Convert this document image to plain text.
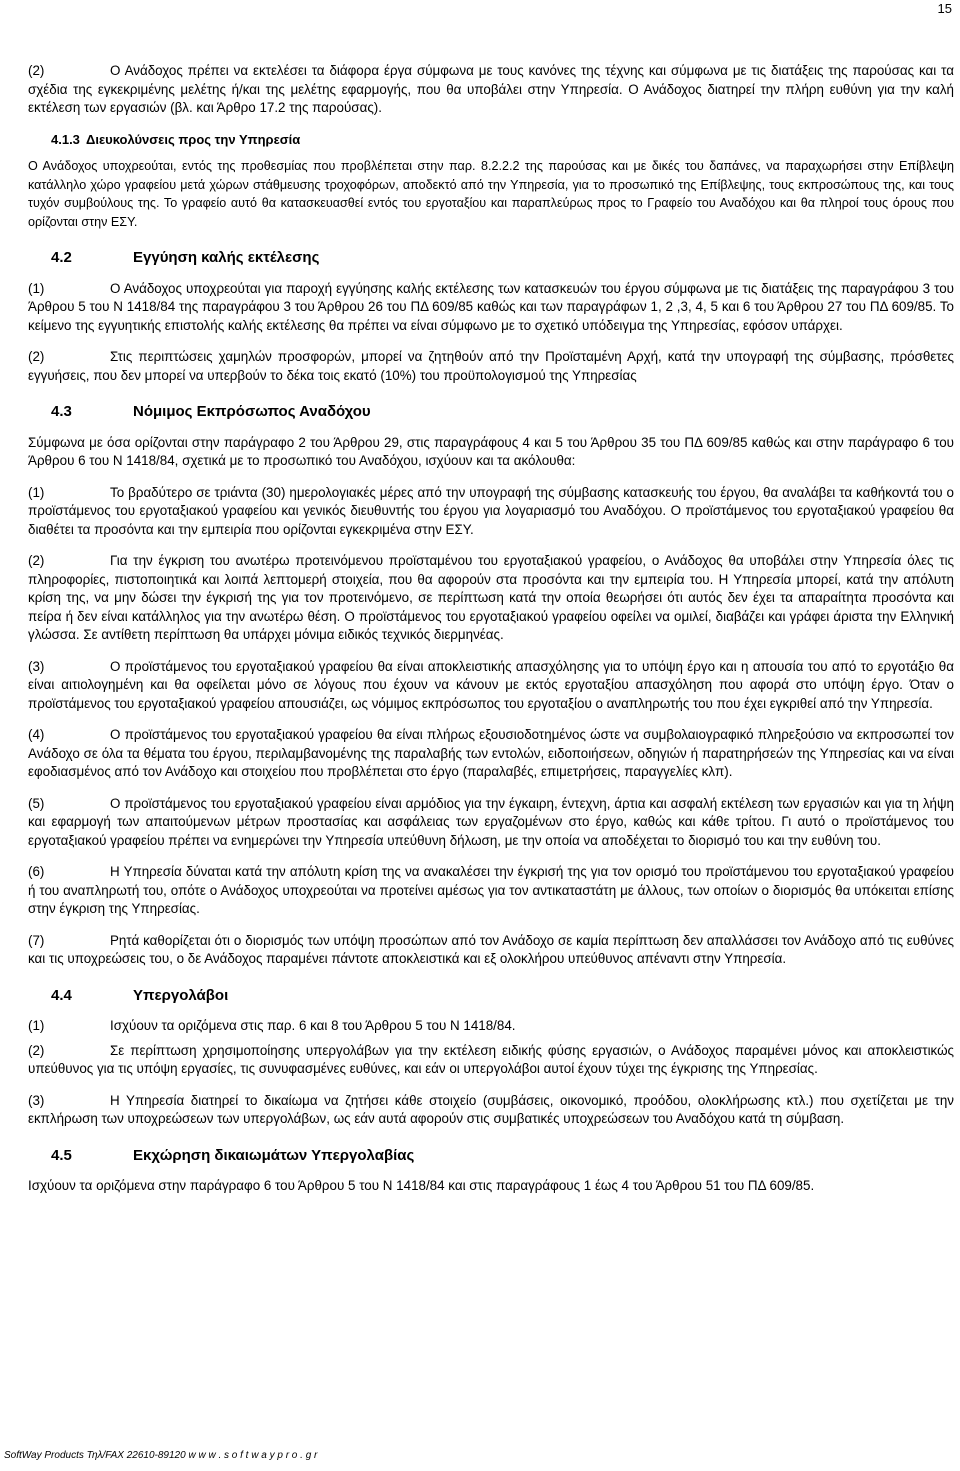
15

(2)	Ο Ανάδοχος πρέπει να εκτελέσει τα διάφορα έργα σύμφωνα με τους κανόνες της τέχνης και σύμφωνα με τις διατάξεις της παρούσας και τα σχέδια της εγκεκριμένης μελέτης ή/και της μελέτης εφαρμογής, που θα υποβάλει στην Υπηρεσία. Ο Ανάδοχος διατηρεί την πλήρη ευθύνη για την καλή εκτέλεση των εργασιών (βλ. και Άρθρο 17.2 της παρούσας).

4.1.3 Διευκολύνσεις προς την Υπηρεσία

Ο Ανάδοχος υποχρεούται, εντός της προθεσμίας που προβλέπεται στην παρ. 8.2.2.2 της παρούσας και με δικές του δαπάνες, να παραχωρήσει στην Επίβλεψη κατάλληλο χώρο γραφείου μετά χώρων στάθμευσης τροχοφόρων, αποδεκτό από την Υπηρεσία, για το προσωπικό της Επίβλεψης, τους εκπροσώπους της, και τους τυχόν συμβούλους της. Το γραφείο αυτό θα κατασκευασθεί εντός του εργοταξίου και παραπλεύρως προς το Γραφείο του Αναδόχου και θα πληροί τους όρους που ορίζονται στην ΕΣΥ.

4.2	Εγγύηση καλής εκτέλεσης

(1)	Ο Ανάδοχος υποχρεούται για παροχή εγγύησης καλής εκτέλεσης των κατασκευών του έργου σύμφωνα με τις διατάξεις της παραγράφου 3 του Άρθρου 5 του Ν 1418/84 της παραγράφου 3 του Άρθρου 26 του ΠΔ 609/85 καθώς και των παραγράφων 1, 2 ,3, 4, 5 και 6 του Άρθρου 27 του ΠΔ 609/85. Το κείμενο της εγγυητικής επιστολής καλής εκτέλεσης θα πρέπει να είναι σύμφωνο με το σχετικό υπόδειγμα της Υπηρεσίας, εφόσον υπάρχει.

(2)	Στις περιπτώσεις χαμηλών προσφορών, μπορεί να ζητηθούν από την Προϊσταμένη Αρχή, κατά την υπογραφή της σύμβασης, πρόσθετες εγγυήσεις, που δεν μπορεί να υπερβούν το δέκα τοις εκατό (10%) του προϋπολογισμού της Υπηρεσίας

4.3	Νόμιμος Εκπρόσωπος Αναδόχου

Σύμφωνα με όσα ορίζονται στην παράγραφο 2 του Άρθρου 29, στις παραγράφους 4 και 5 του Άρθρου 35 του ΠΔ 609/85 καθώς και στην παράγραφο 6 του Άρθρου 6 του Ν 1418/84, σχετικά με το προσωπικό του Αναδόχου, ισχύουν και τα ακόλουθα:

(1)	Το βραδύτερο σε τριάντα (30) ημερολογιακές μέρες από την υπογραφή της σύμβασης κατασκευής του έργου, θα αναλάβει τα καθήκοντά του ο προϊστάμενος του εργοταξιακού γραφείου και γενικός διευθυντής του έργου για λογαριασμό του Αναδόχου. Ο προϊστάμενος του εργοταξιακού γραφείου θα διαθέτει τα προσόντα και την εμπειρία που ορίζονται εγκεκριμένα στην ΕΣΥ.

(2)	Για την έγκριση του ανωτέρω προτεινόμενου προϊσταμένου του εργοταξιακού γραφείου, ο Ανάδοχος θα υποβάλει στην Υπηρεσία όλες τις πληροφορίες, πιστοποιητικά και λοιπά λεπτομερή στοιχεία, που θα αφορούν στα προσόντα και την εμπειρία του. Η Υπηρεσία μπορεί, κατά την απόλυτη κρίση της, να μην δώσει την έγκρισή της για τον προτεινόμενο, σε περίπτωση κατά την οποία θεωρήσει ότι αυτός δεν έχει τα απαραίτητα προσόντα και πείρα ή δεν είναι κατάλληλος για την ανωτέρω θέση. Ο προϊστάμενος του εργοταξιακού γραφείου οφείλει να ομιλεί, διαβάζει και γράφει άριστα την Ελληνική γλώσσα. Σε αντίθετη περίπτωση θα υπάρχει μόνιμα ειδικός τεχνικός διερμηνέας.

(3)	Ο προϊστάμενος του εργοταξιακού γραφείου θα είναι αποκλειστικής απασχόλησης για το υπόψη έργο και η απουσία του από το εργοτάξιο θα είναι αιτιολογημένη και θα οφείλεται μόνο σε λόγους που έχουν να κάνουν με εκτός εργοταξίου απασχόληση που αφορά στο υπόψη έργο. Όταν ο προϊστάμενος του εργοταξιακού γραφείου απουσιάζει, ως νόμιμος εκπρόσωπος του εργοταξίου ο αναπληρωτής του που έχει εγκριθεί από την Υπηρεσία.

(4)	Ο προϊστάμενος του εργοταξιακού γραφείου θα είναι πλήρως εξουσιοδοτημένος ώστε να συμβολαιογραφικό πληρεξούσιο να εκπροσωπεί τον Ανάδοχο σε όλα τα θέματα του έργου, περιλαμβανομένης της παραλαβής των εντολών, ειδοποιήσεων, οδηγιών ή παρατηρήσεών της Υπηρεσίας και να είναι εφοδιασμένος από τον Ανάδοχο και στοιχείου που προβλέπεται στο έργο (παραλαβές, επιμετρήσεις, παραγγελίες κλπ).

(5)	Ο προϊστάμενος του εργοταξιακού γραφείου είναι αρμόδιος για την έγκαιρη, έντεχνη, άρτια και ασφαλή εκτέλεση των εργασιών και για τη λήψη και εφαρμογή των απαιτούμενων μέτρων προστασίας και ασφάλειας των εργαζομένων στο έργο, καθώς και κάθε τρίτου. Γι αυτό ο προϊστάμενος του εργοταξιακού γραφείου πρέπει να ενημερώνει την Υπηρεσία υπεύθυνη δήλωση, με την οποία να αποδέχεται το διορισμό του και την ευθύνη του.

(6)	Η Υπηρεσία δύναται κατά την απόλυτη κρίση της να ανακαλέσει την έγκρισή της για τον ορισμό του προϊστάμενου του εργοταξιακού γραφείου ή του αναπληρωτή του, οπότε ο Ανάδοχος υποχρεούται να προτείνει αμέσως για τον αντικαταστάτη με άλλους, των οποίων ο διορισμός θα υπόκειται επίσης στην έγκριση της Υπηρεσίας.

(7)	Ρητά καθορίζεται ότι ο διορισμός των υπόψη προσώπων από τον Ανάδοχο σε καμία περίπτωση δεν απαλλάσσει τον Ανάδοχο από τις ευθύνες και τις υποχρεώσεις του, ο δε Ανάδοχος παραμένει πάντοτε αποκλειστικά και εξ ολοκλήρου υπεύθυνος απέναντι στην Υπηρεσία.

4.4	Υπεργολάβοι

(1)	Ισχύουν τα οριζόμενα στις παρ. 6 και 8 του Άρθρου 5 του Ν 1418/84.

(2)	Σε περίπτωση χρησιμοποίησης υπεργολάβων για την εκτέλεση ειδικής φύσης εργασιών, ο Ανάδοχος παραμένει μόνος και αποκλειστικώς υπεύθυνος για τις υπόψη εργασίες, τις συνυφασμένες ευθύνες, και εάν οι υπεργολάβοι αυτοί έχουν τύχει της έγκρισης της Υπηρεσίας.

(3)	Η Υπηρεσία διατηρεί το δικαίωμα να ζητήσει κάθε στοιχείο (συμβάσεις, οικονομικό, προόδου, ολοκλήρωσης κτλ.) που σχετίζεται με την εκπλήρωση των υποχρεώσεων των υπεργολάβων, ως εάν αυτά αφορούν στις συμβατικές υποχρεώσεων του Αναδόχου κατά τη σύμβαση.

4.5	Εκχώρηση δικαιωμάτων Υπεργολαβίας

Ισχύουν τα οριζόμενα στην παράγραφο 6 του Άρθρου 5 του Ν 1418/84 και στις παραγράφους 1 έως 4 του Άρθρου 51 του ΠΔ 609/85.

SoftWay Products Τηλ/FAX 22610-89120 w w w . s o f t w a y p r o . g r
